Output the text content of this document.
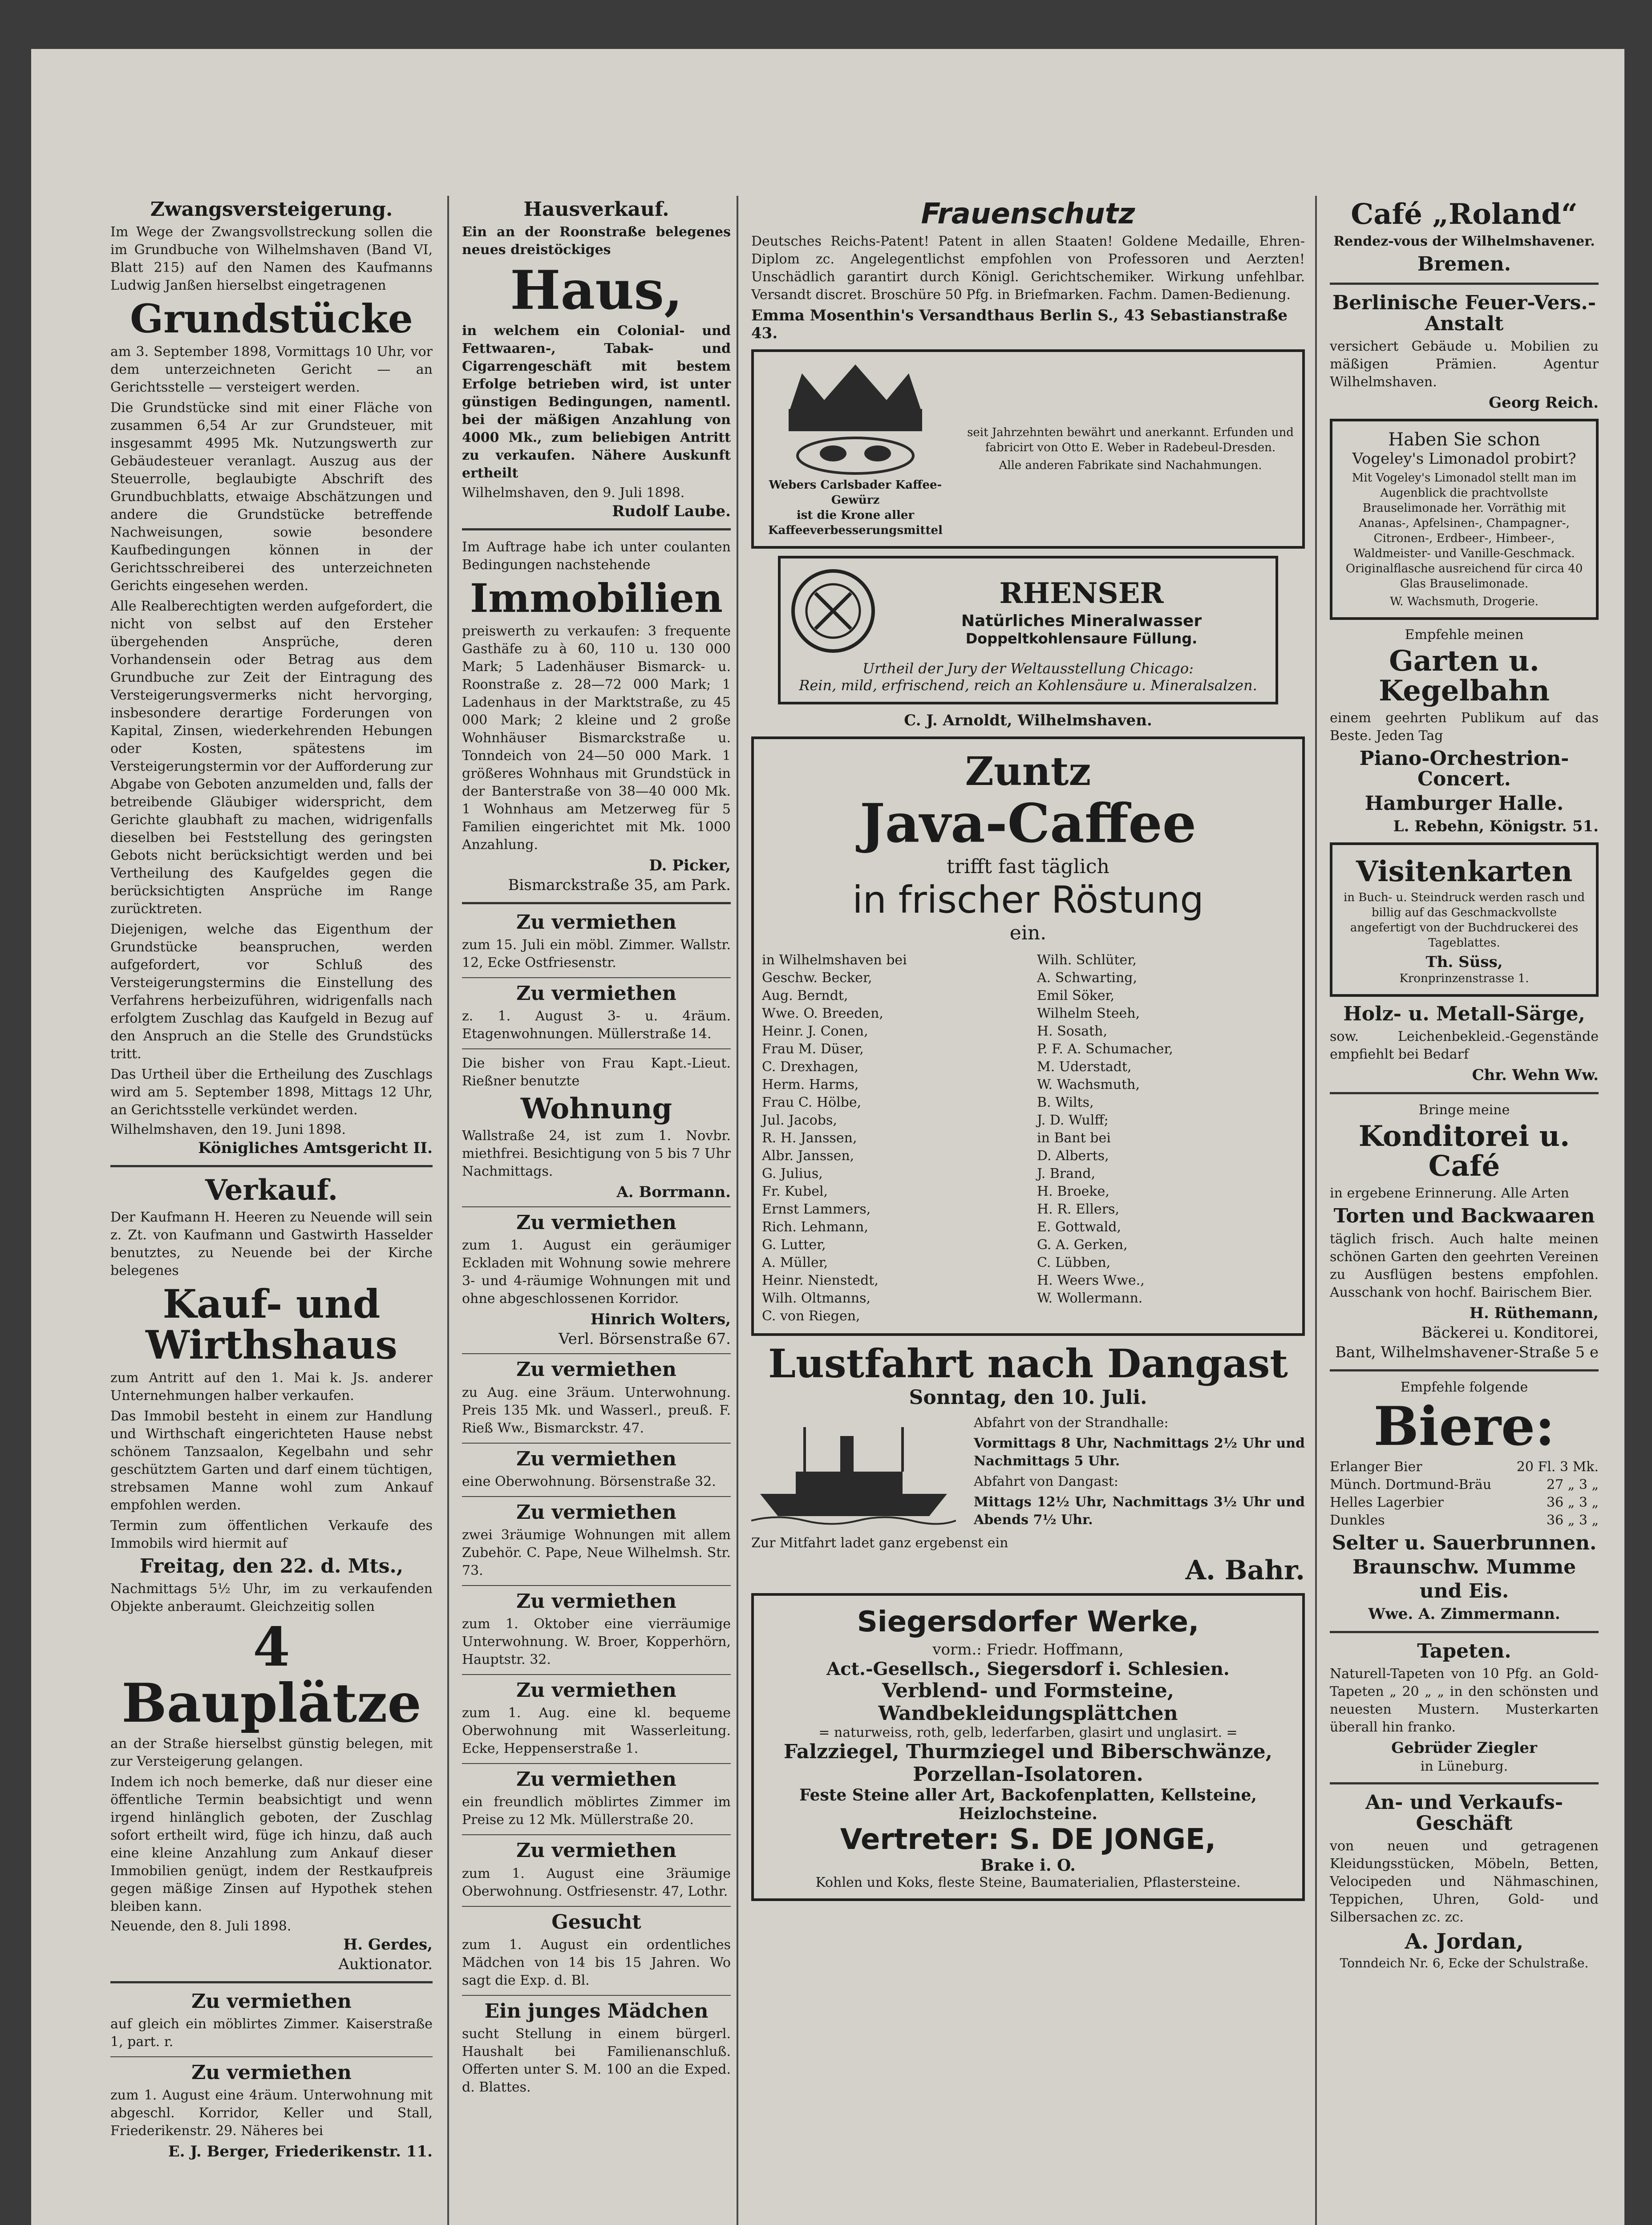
Zwangsversteigerung.

Im Wege der Zwangsvollstreckung sollen die im Grundbuche von Wilhelmshaven (Band VI, Blatt 215) auf den Namen des Kaufmanns Ludwig Janßen hierselbst eingetragenen

Grundstücke

am 3. September 1898, Vormittags 10 Uhr, vor dem unterzeichneten Gericht — an Gerichtsstelle — versteigert werden.

Die Grundstücke sind mit einer Fläche von zusammen 6,54 Ar zur Grundsteuer, mit insgesammt 4995 Mk. Nutzungswerth zur Gebäudesteuer veranlagt. Auszug aus der Steuerrolle, beglaubigte Abschrift des Grundbuchblatts, etwaige Abschätzungen und andere die Grundstücke betreffende Nachweisungen, sowie besondere Kaufbedingungen können in der Gerichtsschreiberei des unterzeichneten Gerichts eingesehen werden.

Alle Realberechtigten werden aufgefordert, die nicht von selbst auf den Ersteher übergehenden Ansprüche, deren Vorhandensein oder Betrag aus dem Grundbuche zur Zeit der Eintragung des Versteigerungsvermerks nicht hervorging, insbesondere derartige Forderungen von Kapital, Zinsen, wiederkehrenden Hebungen oder Kosten, spätestens im Versteigerungstermin vor der Aufforderung zur Abgabe von Geboten anzumelden und, falls der betreibende Gläubiger widerspricht, dem Gerichte glaubhaft zu machen, widrigenfalls dieselben bei Feststellung des geringsten Gebots nicht berücksichtigt werden und bei Vertheilung des Kaufgeldes gegen die berücksichtigten Ansprüche im Range zurücktreten.

Diejenigen, welche das Eigenthum der Grundstücke beanspruchen, werden aufgefordert, vor Schluß des Versteigerungstermins die Einstellung des Verfahrens herbeizuführen, widrigenfalls nach erfolgtem Zuschlag das Kaufgeld in Bezug auf den Anspruch an die Stelle des Grundstücks tritt.

Das Urtheil über die Ertheilung des Zuschlags wird am 5. September 1898, Mittags 12 Uhr, an Gerichtsstelle verkündet werden.

Wilhelmshaven, den 19. Juni 1898.
Königliches Amtsgericht II.
Verkauf.

Der Kaufmann H. Heeren zu Neuende will sein z. Zt. von Kaufmann und Gastwirth Hasselder benutztes, zu Neuende bei der Kirche belegenes

Kauf- und Wirthshaus

zum Antritt auf den 1. Mai k. Js. anderer Unternehmungen halber verkaufen.

Das Immobil besteht in einem zur Handlung und Wirthschaft eingerichteten Hause nebst schönem Tanzsaalon, Kegelbahn und sehr geschütztem Garten und darf einem tüchtigen, strebsamen Manne wohl zum Ankauf empfohlen werden.

Termin zum öffentlichen Verkaufe des Immobils wird hiermit auf

Freitag, den 22. d. Mts.,

Nachmittags 5½ Uhr, im zu verkaufenden Objekte anberaumt. Gleichzeitig sollen

4 Bauplätze

an der Straße hierselbst günstig belegen, mit zur Versteigerung gelangen.

Indem ich noch bemerke, daß nur dieser eine öffentliche Termin beabsichtigt und wenn irgend hinlänglich geboten, der Zuschlag sofort ertheilt wird, füge ich hinzu, daß auch eine kleine Anzahlung zum Ankauf dieser Immobilien genügt, indem der Restkaufpreis gegen mäßige Zinsen auf Hypothek stehen bleiben kann.

Neuende, den 8. Juli 1898.
H. Gerdes,
Auktionator.
Zu vermiethen

auf gleich ein möblirtes Zimmer. Kaiserstraße 1, part. r.

Zu vermiethen

zum 1. August eine 4räum. Unterwohnung mit abgeschl. Korridor, Keller und Stall, Friederikenstr. 29. Näheres bei

E. J. Berger, Friederikenstr. 11.
Hausverkauf.

Ein an der Roonstraße belegenes neues dreistöckiges

Haus,

in welchem ein Colonial- und Fettwaaren-, Tabak- und Cigarrengeschäft mit bestem Erfolge betrieben wird, ist unter günstigen Bedingungen, namentl. bei der mäßigen Anzahlung von 4000 Mk., zum beliebigen Antritt zu verkaufen. Nähere Auskunft ertheilt

Wilhelmshaven, den 9. Juli 1898.
Rudolf Laube.

Im Auftrage habe ich unter coulanten Bedingungen nachstehende

Immobilien

preiswerth zu verkaufen: 3 frequente Gasthäfe zu à 60, 110 u. 130 000 Mark; 5 Ladenhäuser Bismarck- u. Roonstraße z. 28—72 000 Mark; 1 Ladenhaus in der Marktstraße, zu 45 000 Mark; 2 kleine und 2 große Wohnhäuser Bismarckstraße u. Tonndeich von 24—50 000 Mark. 1 größeres Wohnhaus mit Grundstück in der Banterstraße von 38—40 000 Mk. 1 Wohnhaus am Metzerweg für 5 Familien eingerichtet mit Mk. 1000 Anzahlung.

D. Picker,
Bismarckstraße 35, am Park.
Zu vermiethen

zum 15. Juli ein möbl. Zimmer. Wallstr. 12, Ecke Ostfriesenstr.

Zu vermiethen

z. 1. August 3- u. 4räum. Etagenwohnungen. Müllerstraße 14.

Die bisher von Frau Kapt.-Lieut. Rießner benutzte

Wohnung

Wallstraße 24, ist zum 1. Novbr. miethfrei. Besichtigung von 5 bis 7 Uhr Nachmittags.

A. Borrmann.
Zu vermiethen

zum 1. August ein geräumiger Eckladen mit Wohnung sowie mehrere 3- und 4-räumige Wohnungen mit und ohne abgeschlossenen Korridor.

Hinrich Wolters,
Verl. Börsenstraße 67.
Zu vermiethen

zu Aug. eine 3räum. Unterwohnung. Preis 135 Mk. und Wasserl., preuß. F. Rieß Ww., Bismarckstr. 47.

Zu vermiethen

eine Oberwohnung. Börsenstraße 32.

Zu vermiethen

zwei 3räumige Wohnungen mit allem Zubehör. C. Pape, Neue Wilhelmsh. Str. 73.

Zu vermiethen

zum 1. Oktober eine vierräumige Unterwohnung. W. Broer, Kopperhörn, Hauptstr. 32.

Zu vermiethen

zum 1. Aug. eine kl. bequeme Oberwohnung mit Wasserleitung. Ecke, Heppenserstraße 1.

Zu vermiethen

ein freundlich möblirtes Zimmer im Preise zu 12 Mk. Müllerstraße 20.

Zu vermiethen

zum 1. August eine 3räumige Oberwohnung. Ostfriesenstr. 47, Lothr.

Gesucht

zum 1. August ein ordentliches Mädchen von 14 bis 15 Jahren. Wo sagt die Exp. d. Bl.

Ein junges Mädchen

sucht Stellung in einem bürgerl. Haushalt bei Familienanschluß. Offerten unter S. M. 100 an die Exped. d. Blattes.

Frauenschutz

Deutsches Reichs-Patent! Patent in allen Staaten! Goldene Medaille, Ehren-Diplom zc. Angelegentlichst empfohlen von Professoren und Aerzten! Unschädlich garantirt durch Königl. Gerichtschemiker. Wirkung unfehlbar. Versandt discret. Broschüre 50 Pfg. in Briefmarken. Fachm. Damen-Bedienung.

Emma Mosenthin's Versandthaus Berlin S., 43 Sebastianstraße 43.
Webers Carlsbader Kaffee-Gewürz
ist die Krone aller Kaffeeverbesserungsmittel

seit Jahrzehnten bewährt und anerkannt. Erfunden und fabricirt von Otto E. Weber in Radebeul-Dresden.

Alle anderen Fabrikate sind Nachahmungen.

RHENSER
Natürliches Mineralwasser
Doppeltkohlensaure Füllung.
Urtheil der Jury der Weltausstellung Chicago:
Rein, mild, erfrischend, reich an Kohlensäure u. Mineralsalzen.
C. J. Arnoldt, Wilhelmshaven.
Zuntz
Java-Caffee
trifft fast täglich
in frischer Röstung
ein.
in Wilhelmshaven bei
Geschw. Becker,
Aug. Berndt,
Wwe. O. Breeden,
Heinr. J. Conen,
Frau M. Düser,
C. Drexhagen,
Herm. Harms,
Frau C. Hölbe,
Jul. Jacobs,
R. H. Janssen,
Albr. Janssen,
G. Julius,
Fr. Kubel,
Ernst Lammers,
Rich. Lehmann,
G. Lutter,
A. Müller,
Heinr. Nienstedt,
Wilh. Oltmanns,
C. von Riegen,
Wilh. Schlüter,
A. Schwarting,
Emil Söker,
Wilhelm Steeh,
H. Sosath,
P. F. A. Schumacher,
M. Uderstadt,
W. Wachsmuth,
B. Wilts,
J. D. Wulff;
in Bant bei
D. Alberts,
J. Brand,
H. Broeke,
H. R. Ellers,
E. Gottwald,
G. A. Gerken,
C. Lübben,
H. Weers Wwe.,
W. Wollermann.
Lustfahrt nach Dangast
Sonntag, den 10. Juli.

Abfahrt von der Strandhalle:

Vormittags 8 Uhr, Nachmittags 2½ Uhr und Nachmittags 5 Uhr.

Abfahrt von Dangast:

Mittags 12½ Uhr, Nachmittags 3½ Uhr und Abends 7½ Uhr.

Zur Mitfahrt ladet ganz ergebenst ein

A. Bahr.
Siegersdorfer Werke,
vorm.: Friedr. Hoffmann,
Act.-Gesellsch., Siegersdorf i. Schlesien.
Verblend- und Formsteine, Wandbekleidungsplättchen
= naturweiss, roth, gelb, lederfarben, glasirt und unglasirt. =
Falzziegel, Thurmziegel und Biberschwänze, Porzellan-Isolatoren.
Feste Steine aller Art, Backofenplatten, Kellsteine, Heizlochsteine.
Vertreter: S. DE JONGE,
Brake i. O.
Kohlen und Koks, fleste Steine, Baumaterialien, Pflastersteine.
Café „Roland“

Rendez-vous der Wilhelmshavener.

Bremen.
Berlinische Feuer-Vers.-Anstalt

versichert Gebäude u. Mobilien zu mäßigen Prämien. Agentur Wilhelmshaven.

Georg Reich.
Haben Sie schon
Vogeley's Limonadol probirt?

Mit Vogeley's Limonadol stellt man im Augenblick die prachtvollste Brauselimonade her. Vorräthig mit Ananas-, Apfelsinen-, Champagner-, Citronen-, Erdbeer-, Himbeer-, Waldmeister- und Vanille-Geschmack. Originalflasche ausreichend für circa 40 Glas Brauselimonade.

W. Wachsmuth, Drogerie.
Empfehle meinen
Garten u. Kegelbahn

einem geehrten Publikum auf das Beste. Jeden Tag

Piano-Orchestrion-Concert.
Hamburger Halle.
L. Rebehn, Königstr. 51.
Visitenkarten

in Buch- u. Steindruck werden rasch und billig auf das Geschmackvollste angefertigt von der Buchdruckerei des Tageblattes.

Th. Süss,
Kronprinzenstrasse 1.
Holz- u. Metall-Särge,

sow. Leichenbekleid.-Gegenstände empfiehlt bei Bedarf

Chr. Wehn Ww.
Bringe meine
Konditorei u. Café

in ergebene Erinnerung. Alle Arten

Torten und Backwaaren

täglich frisch. Auch halte meinen schönen Garten den geehrten Vereinen zu Ausflügen bestens empfohlen. Ausschank von hochf. Bairischem Bier.

H. Rüthemann,
Bäckerei u. Konditorei,
Bant, Wilhelmshavener-Straße 5 e
Empfehle folgende
Biere:
Erlanger Bier	20 Fl. 3 Mk.
Münch. Dortmund-Bräu	27 „ 3 „
Helles Lagerbier	36 „ 3 „
Dunkles	36 „ 3 „
Selter u. Sauerbrunnen.
Braunschw. Mumme
und Eis.
Wwe. A. Zimmermann.
Tapeten.

Naturell-Tapeten von 10 Pfg. an Gold-Tapeten „ 20 „ „ in den schönsten und neuesten Mustern. Musterkarten überall hin franko.

Gebrüder Ziegler
in Lüneburg.
An- und Verkaufs-Geschäft

von neuen und getragenen Kleidungsstücken, Möbeln, Betten, Velocipeden und Nähmaschinen, Teppichen, Uhren, Gold- und Silbersachen zc. zc.

A. Jordan,
Tonndeich Nr. 6, Ecke der Schulstraße.
